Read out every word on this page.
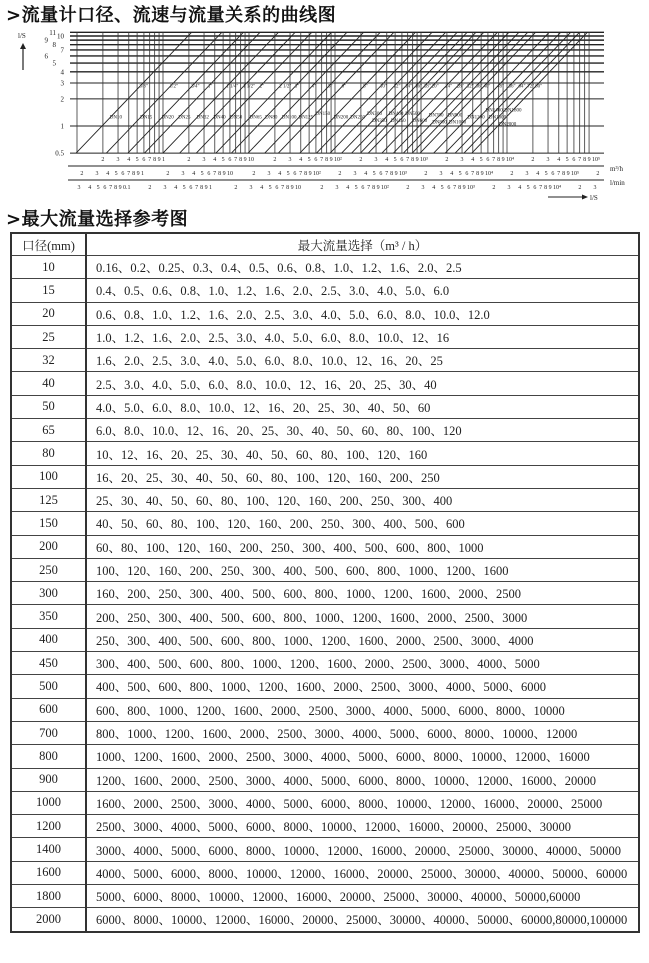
>流量计口径、流速与流量关系的曲线图
0.5
1
2
3
4
5
6
7
8
9
10
11
l/S
2 3 4 5 6 7 8 9 1	2 3 4 5 6 7 8 9 10	2 3 4 5 6 7 8 9 10²	2 3 4 5 6 7 8 9 10³	2 3 4 5 6 7 8 9 10⁴	2 3 4 5 6 7 8 9 10⁵
2 3 4 5 6 7 8 9 1	2 3 4 5 6 7 8 9 10	2 3 4 5 6 7 8 9 10²	2 3 4 5 6 7 8 9 10³	2 3 4 5 6 7 8 9 10⁴	2 3 4 5 6 7 8 9 10⁵	2
m³/h
3 4 5 6 7 8 9 0.1	2 3 4 5 6 7 8 9 1	2 3 4 5 6 7 8 9 10	2 3 4 5 6 7 8 9 10²	2 3 4 5 6 7 8 9 10³	2 3 4 5 6 7 8 9 10⁴	2 3
l/min
l/S
DN10	DN15 DN20 DN25 DN32 DN40 DN50 DN65 DN80 DN100 DN125
DN150
DN200 DN250
DN300
DN350
DN400
DN450
DN500
DN600
DN700
DN800
DN900
DN1000
DN1200
DN1400
DN1600
DN1800
DN2000
3/8"	1/2"	3/4" 1"	1 1/4" 1 1/2" 2"	2 1/2" 3" 4" 5" 6"	8" 10" 12" 14" 16" 18" 20" 24" 28" 32" 36" 40" 48" 56" 64" 72" 80"
>最大流量选择参考图
口径(mm)	最大流量选择（m³ / h）
10	0.16、0.2、0.25、0.3、0.4、0.5、0.6、0.8、1.0、1.2、1.6、2.0、2.5
15	0.4、0.5、0.6、0.8、1.0、1.2、1.6、2.0、2.5、3.0、4.0、5.0、6.0
20	0.6、0.8、1.0、1.2、1.6、2.0、2.5、3.0、4.0、5.0、6.0、8.0、10.0、12.0
25	1.0、1.2、1.6、2.0、2.5、3.0、4.0、5.0、6.0、8.0、10.0、12、16
32	1.6、2.0、2.5、3.0、4.0、5.0、6.0、8.0、10.0、12、16、20、25
40	2.5、3.0、4.0、5.0、6.0、8.0、10.0、12、16、20、25、30、40
50	4.0、5.0、6.0、8.0、10.0、12、16、20、25、30、40、50、60
65	6.0、8.0、10.0、12、16、20、25、30、40、50、60、80、100、120
80	10、12、16、20、25、30、40、50、60、80、100、120、160
100	16、20、25、30、40、50、60、80、100、120、160、200、250
125	25、30、40、50、60、80、100、120、160、200、250、300、400
150	40、50、60、80、100、120、160、200、250、300、400、500、600
200	60、80、100、120、160、200、250、300、400、500、600、800、1000
250	100、120、160、200、250、300、400、500、600、800、1000、1200、1600
300	160、200、250、300、400、500、600、800、1000、1200、1600、2000、2500
350	200、250、300、400、500、600、800、1000、1200、1600、2000、2500、3000
400	250、300、400、500、600、800、1000、1200、1600、2000、2500、3000、4000
450	300、400、500、600、800、1000、1200、1600、2000、2500、3000、4000、5000
500	400、500、600、800、1000、1200、1600、2000、2500、3000、4000、5000、6000
600	600、800、1000、1200、1600、2000、2500、3000、4000、5000、6000、8000、10000
700	800、1000、1200、1600、2000、2500、3000、4000、5000、6000、8000、10000、12000
800	1000、1200、1600、2000、2500、3000、4000、5000、6000、8000、10000、12000、16000
900	1200、1600、2000、2500、3000、4000、5000、6000、8000、10000、12000、16000、20000
1000	1600、2000、2500、3000、4000、5000、6000、8000、10000、12000、16000、20000、25000
1200	2500、3000、4000、5000、6000、8000、10000、12000、16000、20000、25000、30000
1400	3000、4000、5000、6000、8000、10000、12000、16000、20000、25000、30000、40000、50000
1600	4000、5000、6000、8000、10000、12000、16000、20000、25000、30000、40000、50000、60000
1800	5000、6000、8000、10000、12000、16000、20000、25000、30000、40000、50000,60000
2000	6000、8000、10000、12000、16000、20000、25000、30000、40000、50000、60000,80000,100000
